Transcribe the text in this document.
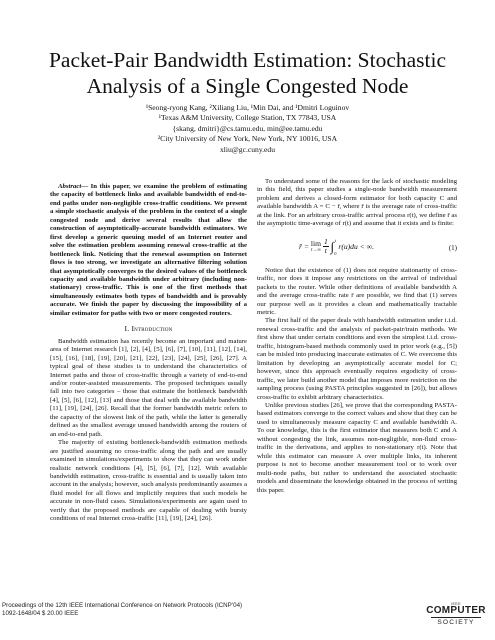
Packet-Pair Bandwidth Estimation: Stochastic Analysis of a Single Congested Node
¹Seong-ryong Kang, ²Xiliang Liu, ¹Min Dai, and ¹Dmitri Loguinov
¹Texas A&M University, College Station, TX 77843, USA
{skang, dmitri}@cs.tamu.edu, min@ee.tamu.edu
²City University of New York, New York, NY 10016, USA
xliu@gc.cuny.edu

Abstract— In this paper, we examine the problem of estimating the capacity of bottleneck links and available bandwidth of end-to-end paths under non-negligible cross-traffic conditions. We present a simple stochastic analysis of the problem in the context of a single congested node and derive several results that allow the construction of asymptotically-accurate bandwidth estimators. We first develop a generic queuing model of an Internet router and solve the estimation problem assuming renewal cross-traffic at the bottleneck link. Noticing that the renewal assumption on Internet flows is too strong, we investigate an alternative filtering solution that asymptotically converges to the desired values of the bottleneck capacity and available bandwidth under arbitrary (including non-stationary) cross-traffic. This is one of the first methods that simultaneously estimates both types of bandwidth and is provably accurate. We finish the paper by discussing the impossibility of a similar estimator for paths with two or more congested routers.

I. Introduction

Bandwidth estimation has recently become an important and mature area of Internet research [1], [2], [4], [5], [6], [7], [10], [11], [12], [14], [15], [16], [18], [19], [20], [21], [22], [23], [24], [25], [26], [27]. A typical goal of these studies is to understand the characteristics of Internet paths and those of cross-traffic through a variety of end-to-end and/or router-assisted measurements. The proposed techniques usually fall into two categories – those that estimate the bottleneck bandwidth [4], [5], [6], [12], [13] and those that deal with the available bandwidth [11], [19], [24], [26]. Recall that the former bandwidth metric refers to the capacity of the slowest link of the path, while the latter is generally defined as the smallest average unused bandwidth among the routers of an end-to-end path.

The majority of existing bottleneck-bandwidth estimation methods are justified assuming no cross-traffic along the path and are usually examined in simulations/experiments to show that they can work under realistic network conditions [4], [5], [6], [7], [12]. With available bandwidth estimation, cross-traffic is essential and is usually taken into account in the analysis; however, such analysis predominantly assumes a fluid model for all flows and implicitly requires that such models be accurate in non-fluid cases. Simulations/experiments are again used to verify that the proposed methods are capable of dealing with bursty conditions of real Internet cross-traffic [11], [19], [24], [26].

To understand some of the reasons for the lack of stochastic modeling in this field, this paper studies a single-node bandwidth measurement problem and derives a closed-form estimator for both capacity C and available bandwidth A = C − r̄, where r̄ is the average rate of cross-traffic at the link. For an arbitrary cross-traffic arrival process r(t), we define r̄ as the asymptotic time-average of r(t) and assume that it exists and is finite:

r̄ = lim
t→∞
$\frac{1}{t}$ ∫ t
0
r(u)du < ∞.	(1)

Notice that the existence of (1) does not require stationarity of cross-traffic, nor does it impose any restrictions on the arrival of individual packets to the router. While other definitions of available bandwidth A and the average cross-traffic rate r̄ are possible, we find that (1) serves our purpose well as it provides a clean and mathematically tractable metric.

The first half of the paper deals with bandwidth estimation under i.i.d. renewal cross-traffic and the analysis of packet-pair/train methods. We first show that under certain conditions and even the simplest i.i.d. cross-traffic, histogram-based methods commonly used in prior work (e.g., [5]) can be misled into producing inaccurate estimates of C. We overcome this limitation by developing an asymptotically accurate model for C; however, since this approach eventually requires ergodicity of cross-traffic, we later build another model that imposes more restriction on the sampling process (using PASTA principles suggested in [26]), but allows cross-traffic to exhibit arbitrary characteristics.

Unlike previous studies [26], we prove that the corresponding PASTA-based estimators converge to the correct values and show that they can be used to simultaneously measure capacity C and available bandwidth A. To our knowledge, this is the first estimator that measures both C and A without congesting the link, assumes non-negligible, non-fluid cross-traffic in the derivations, and applies to non-stationary r(t). Note that while this estimator can measure A over multiple links, its inherent purpose is not to become another measurement tool or to work over multi-node paths, but rather to understand the associated stochastic models and disseminate the knowledge obtained in the process of writing this paper.

Proceedings of the 12th IEEE International Conference on Network Protocols (ICNP’04)
1092-1648/04 $ 20.00 IEEE
IEEE
COMPUTER
SOCIETY
